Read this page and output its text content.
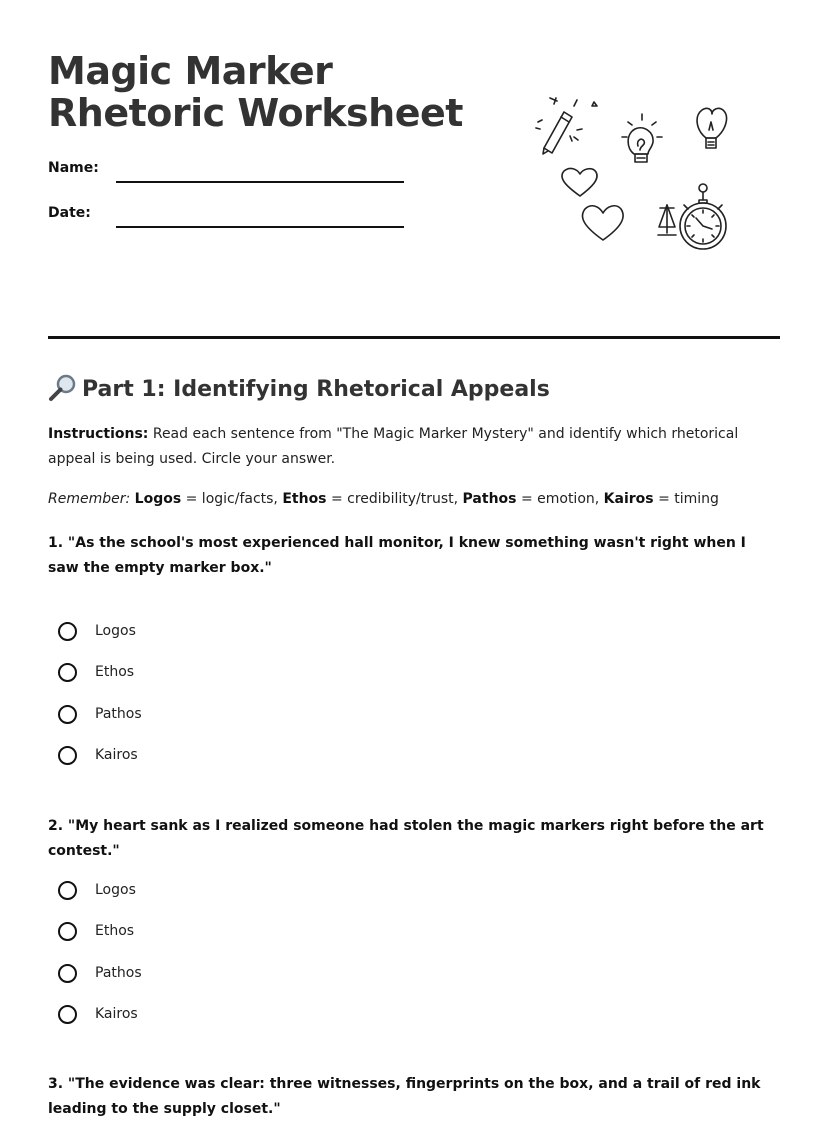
Magic Marker Rhetoric Worksheet
Name:
Date:
Part 1: Identifying Rhetorical Appeals

Instructions: Read each sentence from "The Magic Marker Mystery" and identify which rhetorical appeal is being used. Circle your answer.

Remember: Logos = logic/facts, Ethos = credibility/trust, Pathos = emotion, Kairos = timing

1. "As the school's most experienced hall monitor, I knew something wasn't right when I saw the empty marker box."

Logos
Ethos
Pathos
Kairos

2. "My heart sank as I realized someone had stolen the magic markers right before the art contest."

Logos
Ethos
Pathos
Kairos

3. "The evidence was clear: three witnesses, fingerprints on the box, and a trail of red ink leading to the supply closet."
